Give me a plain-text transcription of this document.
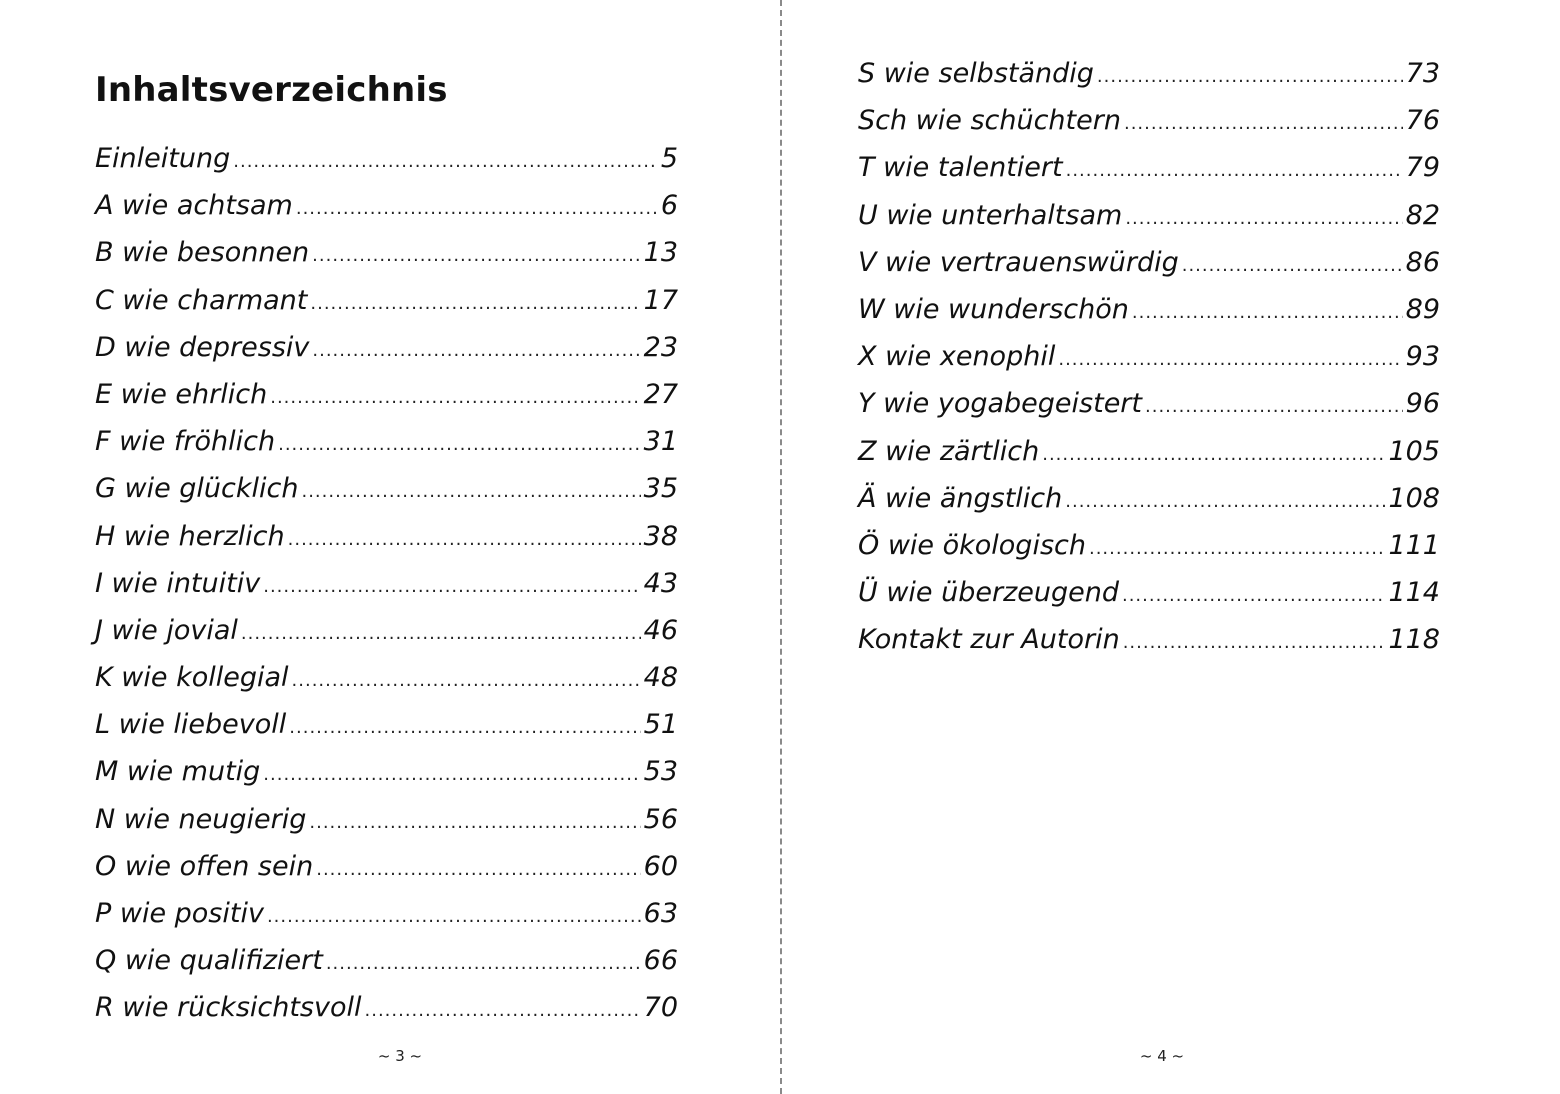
Inhaltsverzeichnis
Einleitung .....	5
A wie achtsam .....	6
B wie besonnen .....	13
C wie charmant .....	17
D wie depressiv .....	23
E wie ehrlich .....	27
F wie fröhlich .....	31
G wie glücklich .....	35
H wie herzlich .....	38
I wie intuitiv .....	43
J wie jovial .....	46
K wie kollegial .....	48
L wie liebevoll .....	51
M wie mutig .....	53
N wie neugierig .....	56
O wie offen sein .....	60
P wie positiv .....	63
Q wie qualifiziert .....	66
R wie rücksichtsvoll .....	70
~ 3 ~
S wie selbständig .....	73
Sch wie schüchtern .....	76
T wie talentiert .....	79
U wie unterhaltsam .....	82
V wie vertrauenswürdig .....	86
W wie wunderschön .....	89
X wie xenophil .....	93
Y wie yogabegeistert .....	96
Z wie zärtlich .....	105
Ä wie ängstlich .....	108
Ö wie ökologisch .....	111
Ü wie überzeugend .....	114
Kontakt zur Autorin .....	118
~ 4 ~
